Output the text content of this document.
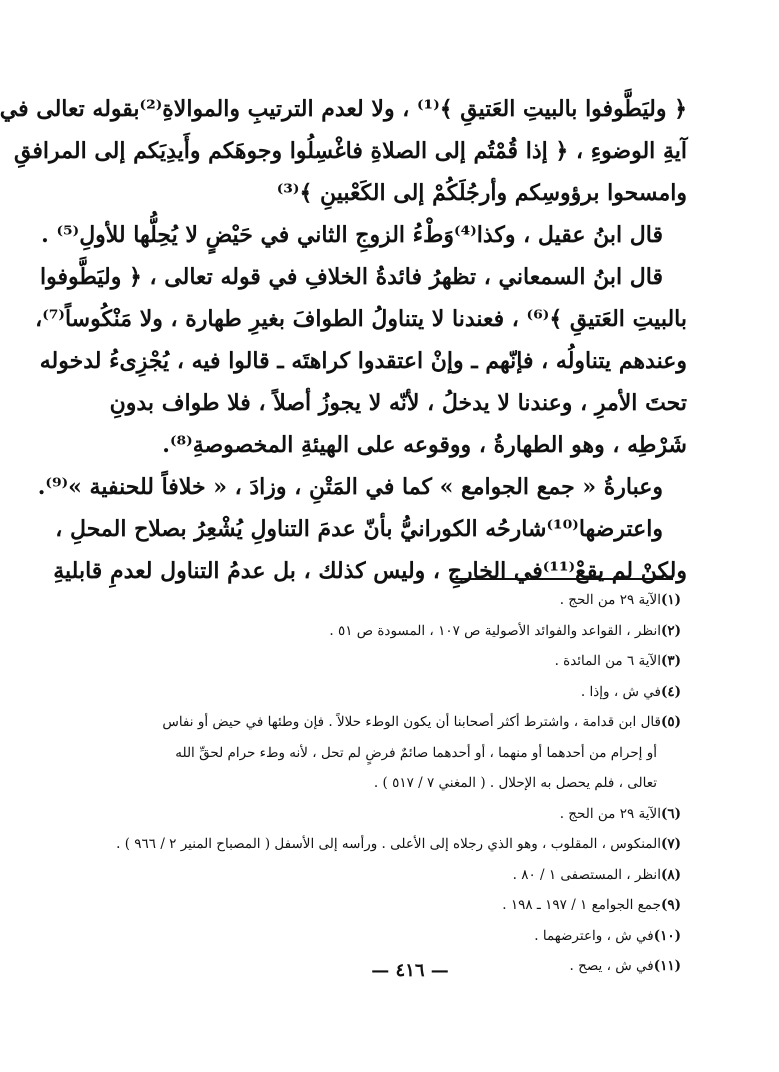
﴿ وليَطَّوفوا بالبيتِ العَتيقِ ﴾⁽¹⁾ ، ولا لعدم الترتيبِ والموالاةِ⁽²⁾بقوله تعالى في
آيةِ الوضوءِ ، ﴿ إذا قُمْتُم إلى الصلاةِ فاغْسِلُوا وجوهَكم وأَيدِيَكم إلى المرافقِ
وامسحوا برؤوسِكم وأرجُلَكُمْ إلى الكَعْبينِ ﴾⁽³⁾
قال ابنُ عقيل ، وكذا⁽⁴⁾وَطْءُ الزوجِ الثاني في حَيْضٍ لا يُحِلُّها للأولِ⁽⁵⁾ .
قال ابنُ السمعاني ، تظهرُ فائدةُ الخلافِ في قوله تعالى ، ﴿ وليَطَّوفوا
بالبيتِ العَتيقِ ﴾⁽⁶⁾ ، فعندنا لا يتناولُ الطوافَ بغيرِ طهارة ، ولا مَنْكُوساً⁽⁷⁾،
وعندهم يتناولُه ، فإنّهم ـ وإنْ اعتقدوا كراهتَه ـ قالوا فيه ، يُجْزِىءُ لدخوله
تحتَ الأمرِ ، وعندنا لا يدخلُ ، لأنّه لا يجوزُ أصلاً ، فلا طواف بدونِ
شَرْطِه ، وهو الطهارةُ ، ووقوعه على الهيئةِ المخصوصةِ⁽⁸⁾.
وعبارةُ « جمع الجوامع » كما في المَتْنِ ، وزادَ ، « خلافاً للحنفية »⁽⁹⁾.
واعترضها⁽¹⁰⁾شارحُه الكورانيُّ بأنّ عدمَ التناولِ يُشْعِرُ بصلاح المحلِ ،
ولكنْ لم يقعْ⁽¹¹⁾في الخارجِ ، وليس كذلك ، بل عدمُ التناول لعدمِ قابليةِ
(١)الآية ٢٩ من الحج .
(٢)انظر ، القواعد والفوائد الأصولية ص ١٠٧ ، المسودة ص ٥١ .
(٣)الآية ٦ من المائدة .
(٤)في ش ، وإذا .
(٥)قال ابن قدامة ، واشترط أكثر أصحابنا أن يكون الوطء حلالاً . فإن وطئها في حيض أو نفاس
أو إحرام من أحدهما أو منهما ، أو أحدهما صائمٌ فرضٍ لم تحل ، لأنه وطء حرام لحقِّ الله
تعالى ، فلم يحصل به الإحلال . ( المغني ٧ / ٥١٧ ) .
(٦)الآية ٢٩ من الحج .
(٧)المنكوس ، المقلوب ، وهو الذي رجلاه إلى الأعلى . ورأسه إلى الأسفل ( المصباح المنير ٢ / ٩٦٦ ) .
(٨)انظر ، المستصفى ١ / ٨٠ .
(٩)جمع الجوامع ١ / ١٩٧ ـ ١٩٨ .
(١٠)في ش ، واعترضهما .
(١١)في ش ، يصح .
— ٤١٦ —
